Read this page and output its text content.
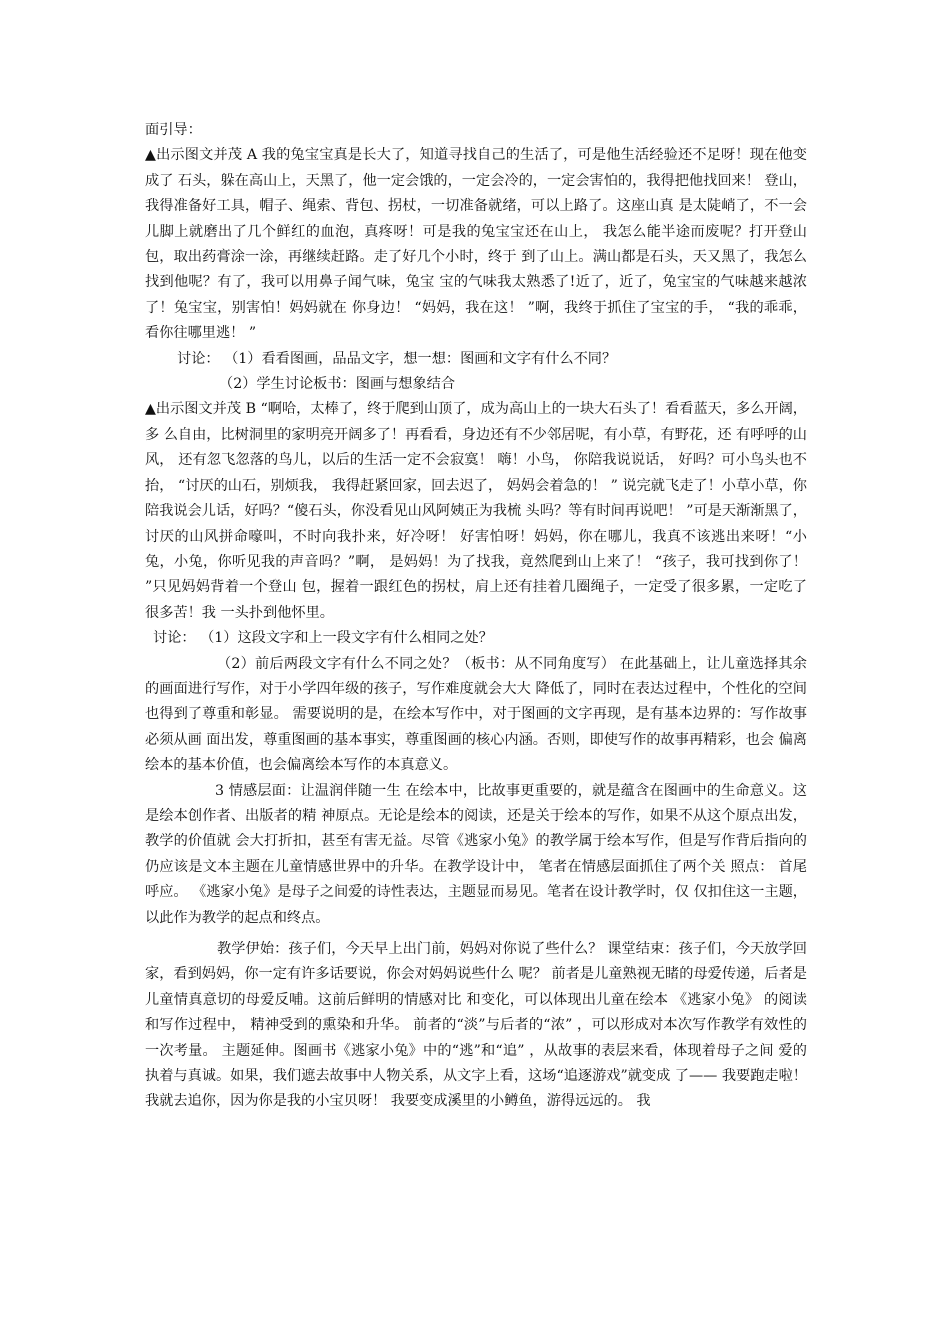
面引导：

▲出示图文并茂 A 我的兔宝宝真是长大了，知道寻找自己的生活了，可是他生活经验还不足呀！现在他变成了 石头，躲在高山上，天黑了，他一定会饿的，一定会冷的，一定会害怕的，我得把他找回来！ 登山，我得准备好工具，帽子、绳索、背包、拐杖，一切准备就绪，可以上路了。这座山真 是太陡峭了，不一会儿脚上就磨出了几个鲜红的血泡，真疼呀！可是我的兔宝宝还在山上， 我怎么能半途而废呢？打开登山包，取出药膏涂一涂，再继续赶路。走了好几个小时，终于 到了山上。满山都是石头，天又黑了，我怎么找到他呢？有了，我可以用鼻子闻气味，兔宝 宝的气味我太熟悉了!近了，近了，兔宝宝的气味越来越浓了！兔宝宝，别害怕！妈妈就在 你身边！ “妈妈，我在这！ ”啊，我终于抓住了宝宝的手， “我的乖乖，看你往哪里逃！ ”

讨论： （1）看看图画，品品文字，想一想：图画和文字有什么不同？

（2）学生讨论板书：图画与想象结合

▲出示图文并茂 B “啊哈，太棒了，终于爬到山顶了，成为高山上的一块大石头了！看看蓝天，多么开阔，多 么自由，比树洞里的家明亮开阔多了！再看看，身边还有不少邻居呢，有小草，有野花，还 有呼呼的山风， 还有忽飞忽落的鸟儿，以后的生活一定不会寂寞！ 嗨！小鸟， 你陪我说说话， 好吗？可小鸟头也不抬， “讨厌的山石，别烦我， 我得赶紧回家，回去迟了， 妈妈会着急的！ ” 说完就飞走了！小草小草，你陪我说会儿话，好吗？“傻石头，你没看见山风阿姨正为我梳 头吗？等有时间再说吧！ ”可是天渐渐黑了，讨厌的山风拼命嚎叫，不时向我扑来，好冷呀！ 好害怕呀！妈妈，你在哪儿，我真不该逃出来呀！“小兔，小兔，你听见我的声音吗？”啊， 是妈妈！为了找我，竟然爬到山上来了！ “孩子，我可找到你了！ ”只见妈妈背着一个登山 包，握着一跟红色的拐杖，肩上还有挂着几圈绳子，一定受了很多累，一定吃了很多苦！我 一头扑到他怀里。

讨论： （1）这段文字和上一段文字有什么相同之处？

（2）前后两段文字有什么不同之处？（板书：从不同角度写） 在此基础上，让儿童选择其余的画面进行写作，对于小学四年级的孩子，写作难度就会大大 降低了，同时在表达过程中，个性化的空间也得到了尊重和彰显。 需要说明的是，在绘本写作中，对于图画的文字再现，是有基本边界的：写作故事必须从画 面出发，尊重图画的基本事实，尊重图画的核心内涵。否则，即使写作的故事再精彩，也会 偏离绘本的基本价值，也会偏离绘本写作的本真意义。

3 情感层面：让温润伴随一生 在绘本中，比故事更重要的，就是蕴含在图画中的生命意义。这是绘本创作者、出版者的精 神原点。无论是绘本的阅读，还是关于绘本的写作，如果不从这个原点出发，教学的价值就 会大打折扣，甚至有害无益。尽管《逃家小兔》的教学属于绘本写作，但是写作背后指向的 仍应该是文本主题在儿童情感世界中的升华。在教学设计中， 笔者在情感层面抓住了两个关 照点： 首尾呼应。 《逃家小兔》是母子之间爱的诗性表达，主题显而易见。笔者在设计教学时，仅 仅扣住这一主题，以此作为教学的起点和终点。

教学伊始：孩子们，今天早上出门前，妈妈对你说了些什么？ 课堂结束：孩子们，今天放学回家，看到妈妈，你一定有许多话要说，你会对妈妈说些什么 呢？ 前者是儿童熟视无睹的母爱传递，后者是儿童情真意切的母爱反哺。这前后鲜明的情感对比 和变化，可以体现出儿童在绘本 《逃家小兔》 的阅读和写作过程中， 精神受到的熏染和升华。 前者的“淡”与后者的“浓” ，可以形成对本次写作教学有效性的一次考量。 主题延伸。图画书《逃家小兔》中的“逃”和“追” ，从故事的表层来看，体现着母子之间 爱的执着与真诚。如果，我们遮去故事中人物关系，从文字上看，这场“追逐游戏”就变成 了—— 我要跑走啦！ 我就去追你，因为你是我的小宝贝呀！ 我要变成溪里的小鳟鱼，游得远远的。 我
